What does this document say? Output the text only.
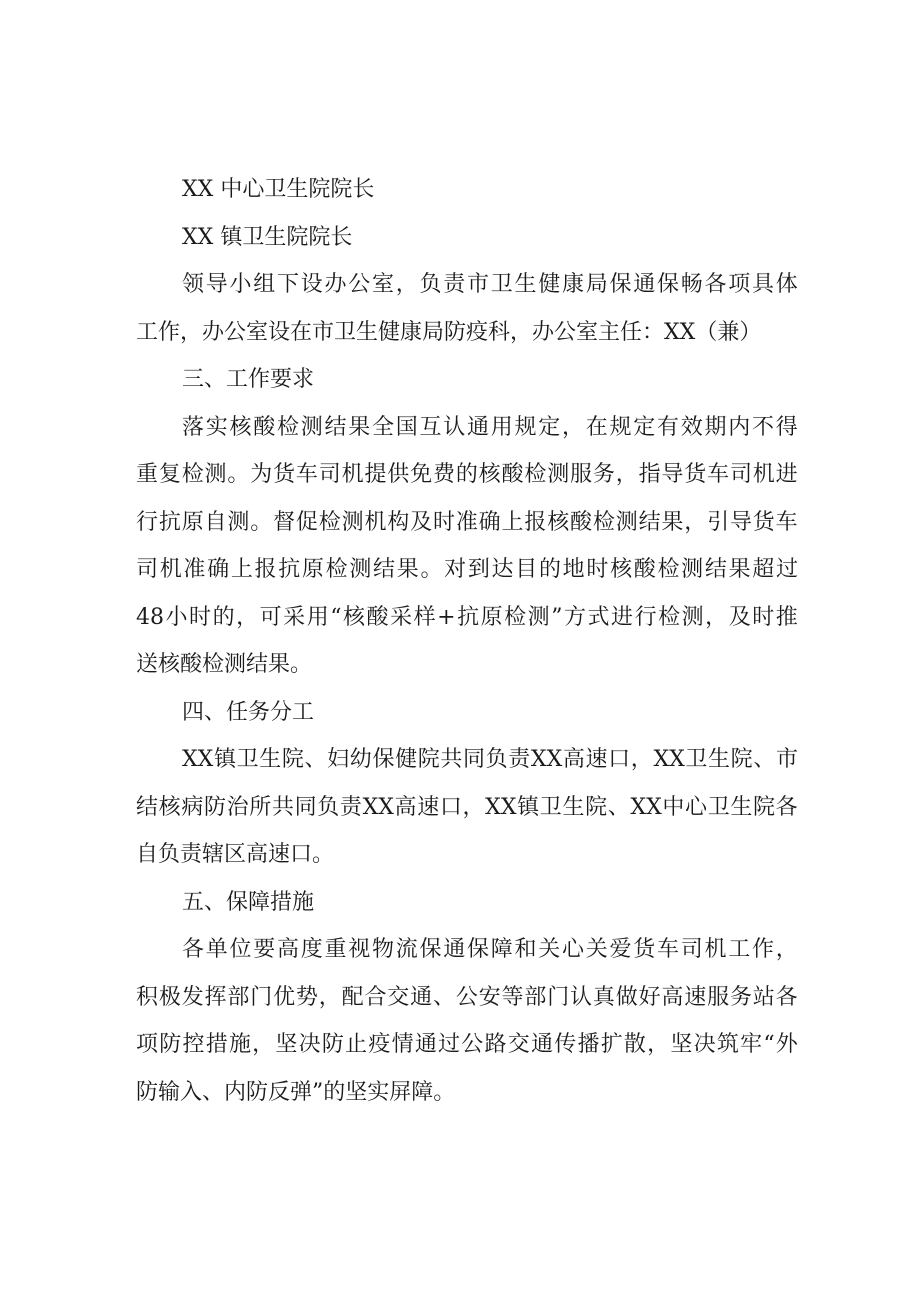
XX 中心卫生院院长
XX 镇卫生院院长
领 导 小 组 下 设 办 公 室 ， 负 责 市 卫 生 健 康 局 保 通 保 畅 各 项 具 体
工作，办公室设在市卫生健康局防疫科，办公室主任：XX（兼）
三、工作要求
落 实 核 酸 检 测 结 果 全 国 互 认 通 用 规 定 ， 在 规 定 有 效 期 内 不 得
重 复 检 测 。 为 货 车 司 机 提 供 免 费 的 核 酸 检 测 服 务 ， 指 导 货 车 司 机 进
行 抗 原 自 测 。 督 促 检 测 机 构 及 时 准 确 上 报 核 酸 检 测 结 果 ， 引 导 货 车
司 机 准 确 上 报 抗 原 检 测 结 果 。 对 到 达 目 的 地 时 核 酸 检 测 结 果 超 过
48 小 时 的 ， 可 采 用 “ 核 酸 采 样 + 抗 原 检 测 ” 方 式 进 行 检 测 ， 及 时 推
送核酸检测结果。
四、任务分工
XX 镇 卫 生 院 、 妇 幼 保 健 院 共 同 负 责 XX 高 速 口 ， XX 卫 生 院 、 市
结 核 病 防 治 所 共 同 负 责 XX 高 速 口 ， XX 镇 卫 生 院 、 XX 中 心 卫 生 院 各
自负责辖区高速口。
五、保障措施
各 单 位 要 高 度 重 视 物 流 保 通 保 障 和 关 心 关 爱 货 车 司 机 工 作 ，
积 极 发 挥 部 门 优 势 ， 配 合 交 通 、 公 安 等 部 门 认 真 做 好 高 速 服 务 站 各
项 防 控 措 施 ， 坚 决 防 止 疫 情 通 过 公 路 交 通 传 播 扩 散 ， 坚 决 筑 牢 “ 外
防输入、内防反弹”的坚实屏障。
